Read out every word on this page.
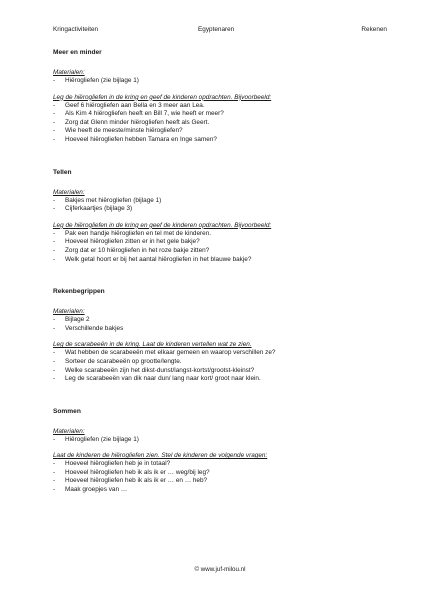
Kringactiviteiten	Egyptenaren	Rekenen
Meer en minder
Materialen:
- Hiërogliefen (zie bijlage 1)
Leg de hiërogliefen in de kring en geef de kinderen opdrachten. Bijvoorbeeld:
- Geef 6 hiërogliefen aan Bella en 3 meer aan Lea.
- Als Kim 4 hiërogliefen heeft en Bill 7, wie heeft er meer?
- Zorg dat Glenn minder hiërogliefen heeft als Geert.
- Wie heeft de meeste/minste hiërogliefen?
- Hoeveel hiërogliefen hebben Tamara en Inge samen?
Tellen
Materialen:
- Bakjes met hiërogliefen (bijlage 1)
- Cijferkaartjes (bijlage 3)
Leg de hiërogliefen in de kring en geef de kinderen opdrachten. Bijvoorbeeld:
- Pak een handje hiërogliefen en tel met de kinderen.
- Hoeveel hiërogliefen zitten er in het gele bakje?
- Zorg dat er 10 hiërogliefen in het roze bakje zitten?
- Welk getal hoort er bij het aantal hiërogliefen in het blauwe bakje?
Rekenbegrippen
Materialen:
- Bijlage 2
- Verschillende bakjes
Leg de scarabeeën in de kring. Laat de kinderen vertellen wat ze zien.
- Wat hebben de scarabeeën met elkaar gemeen en waarop verschillen ze?
- Sorteer de scarabeeën op grootte/lengte.
- Welke scarabeeën zijn het dikst-dunst/langst-kortst/grootst-kleinst?
- Leg de scarabeeën van dik naar dun/ lang naar kort/ groot naar klein.
Sommen
Materialen:
- Hiërogliefen (zie bijlage 1)
Laat de kinderen de hiërogliefen zien. Stel de kinderen de volgende vragen:
- Hoeveel hiërogliefen heb je in totaal?
- Hoeveel hiërogliefen heb ik als ik er … weg/bij leg?
- Hoeveel hiërogliefen heb ik als ik er … en … heb?
- Maak groepjes van …
© www.juf-milou.nl
